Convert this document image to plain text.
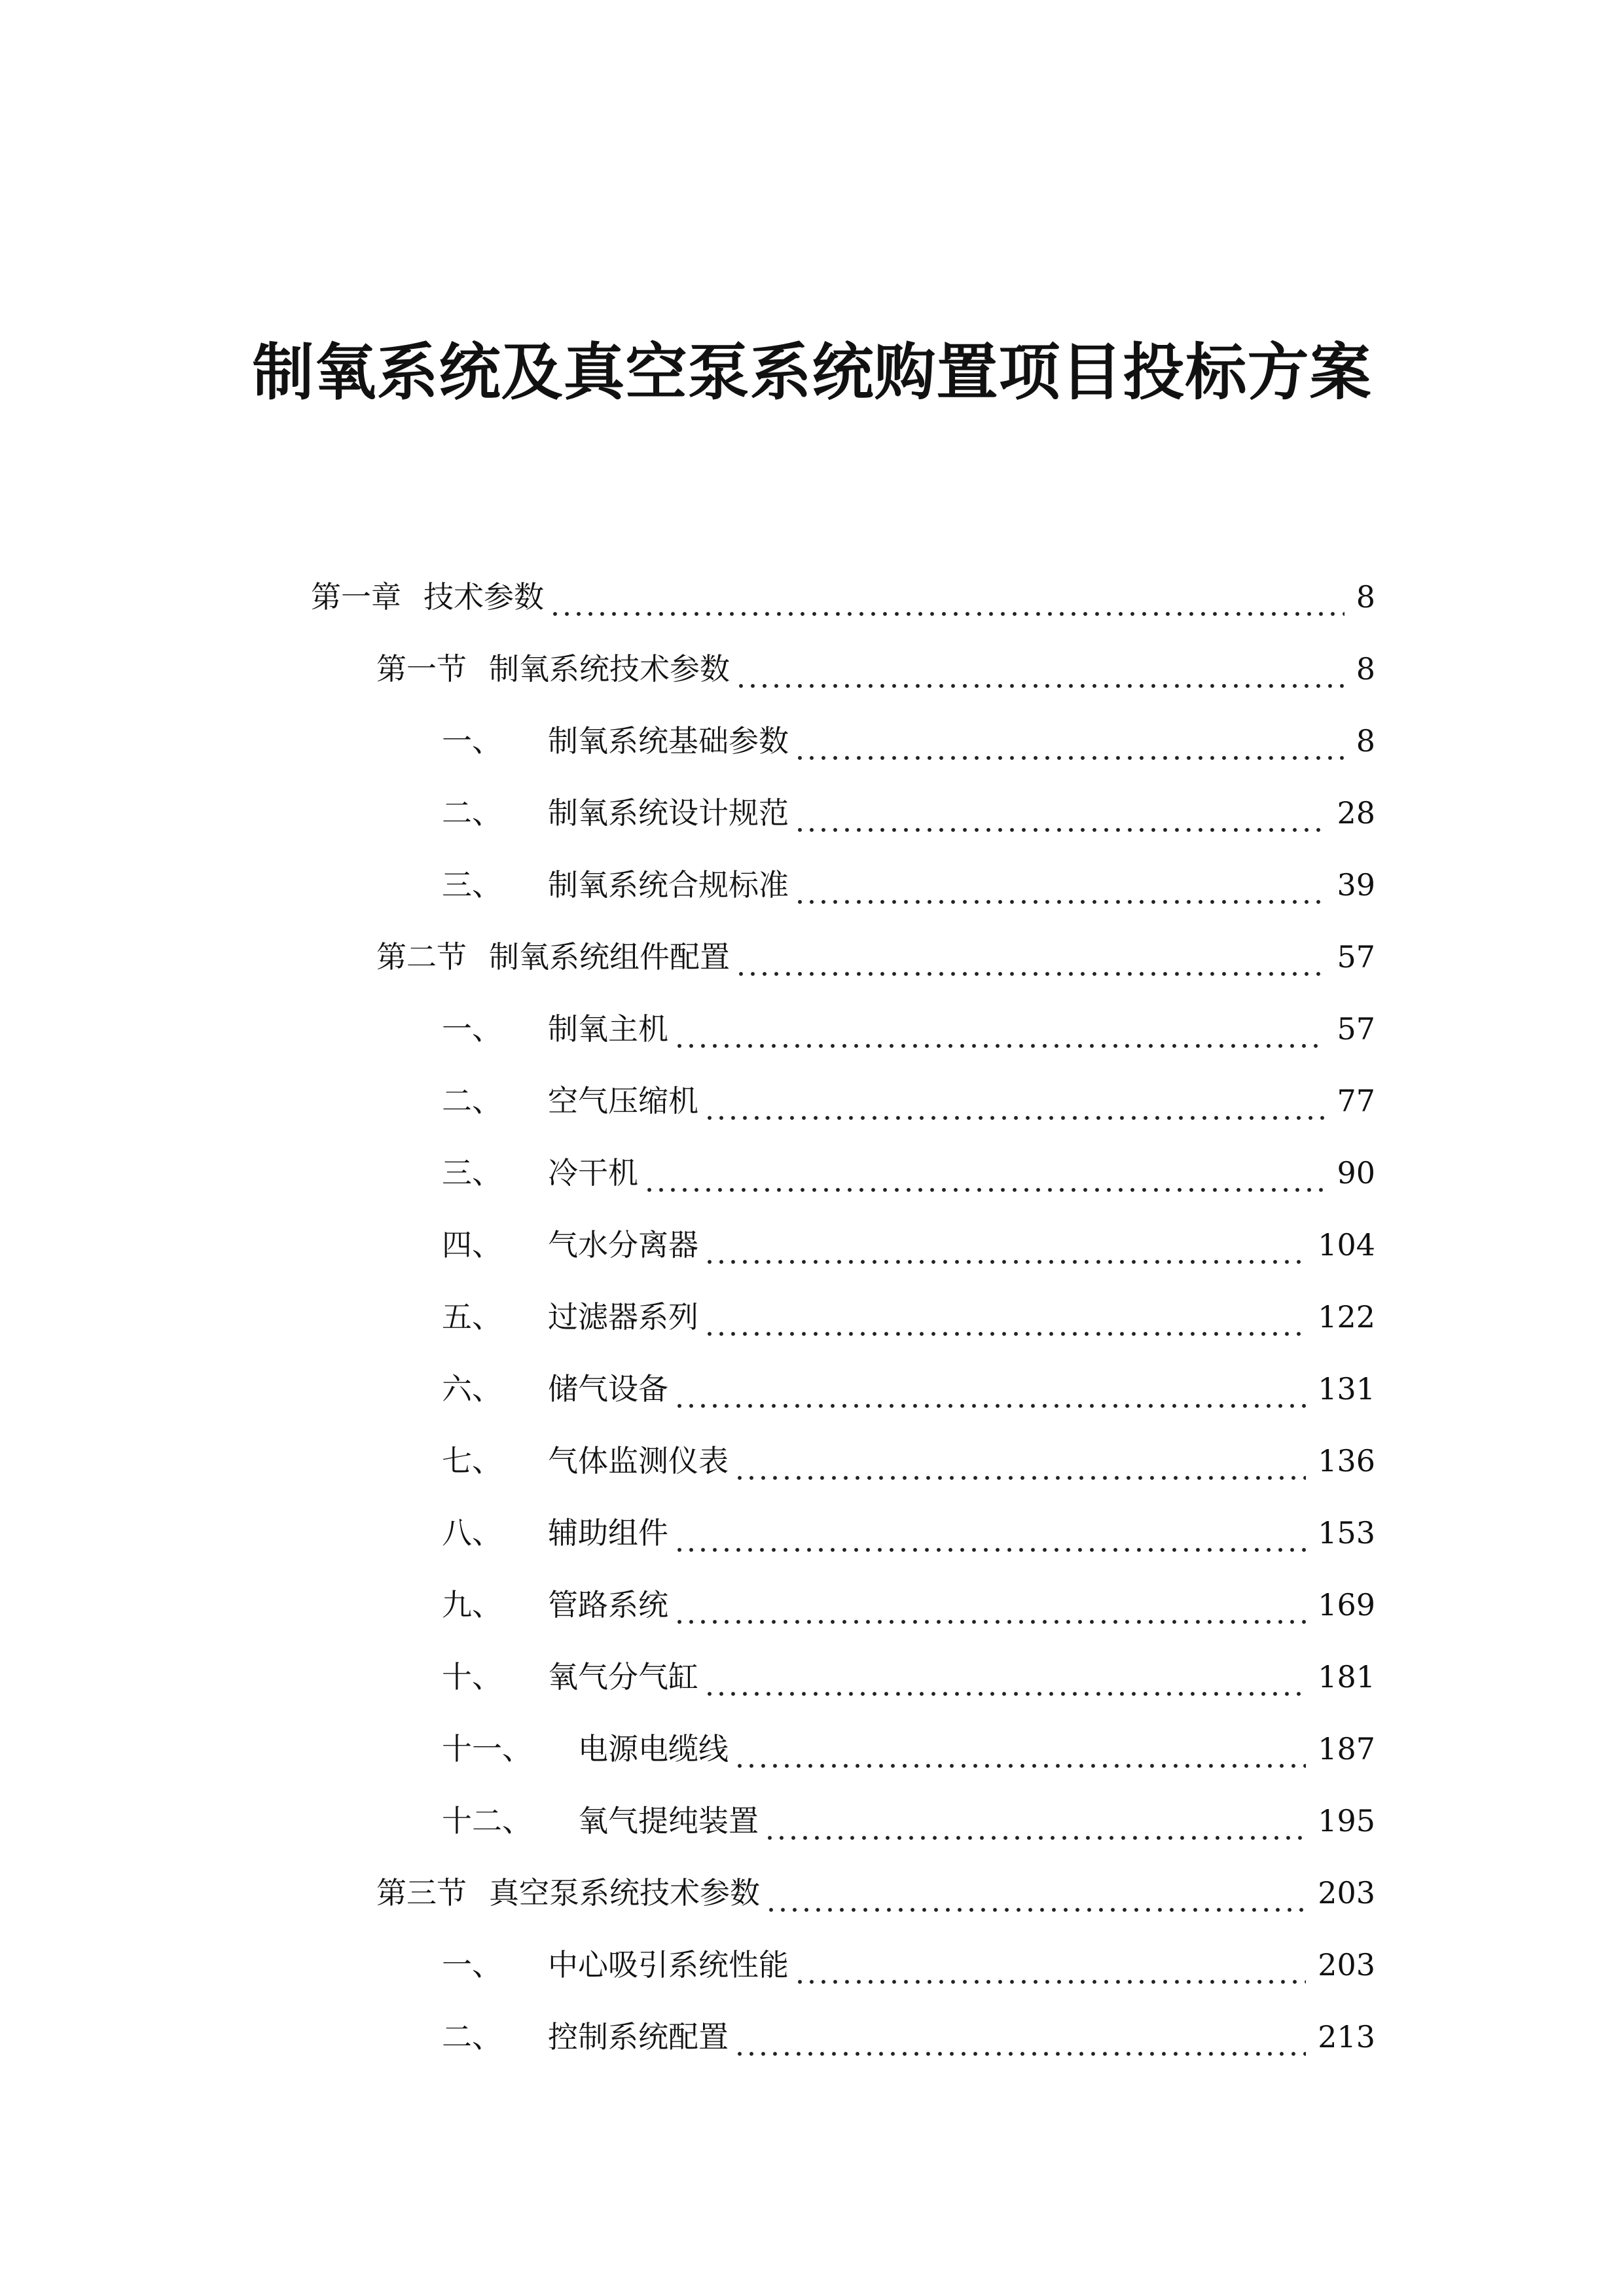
制氧系统及真空泵系统购置项目投标方案
第一章 技术参数	8
第一节 制氧系统技术参数	8
一、 制氧系统基础参数	8
二、 制氧系统设计规范	28
三、 制氧系统合规标准	39
第二节 制氧系统组件配置	57
一、 制氧主机	57
二、 空气压缩机	77
三、 冷干机	90
四、 气水分离器	104
五、 过滤器系列	122
六、 储气设备	131
七、 气体监测仪表	136
八、 辅助组件	153
九、 管路系统	169
十、 氧气分气缸	181
十一、 电源电缆线	187
十二、 氧气提纯装置	195
第三节 真空泵系统技术参数	203
一、 中心吸引系统性能	203
二、 控制系统配置	213
